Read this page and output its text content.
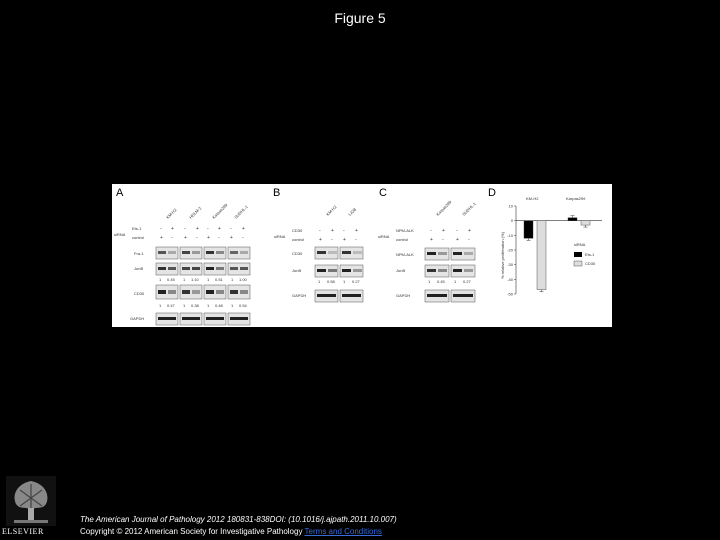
Figure 5
A
KM-H2	HDLM-2 Karpas299 SUDHL-1
siRNA
Ets-1
control
Fra-1
JunB
CD30
GAPDH
- + - + - + - +
+ - + - + - + -
1 0.45 1 1.10 1 0.51 1 1.00
1 0.47 1 0.38 1 0.48 1 0.54
B
KM-H2 L428
siRNA
CD30
control
CD30
JunB
GAPDH
- + - +
+ - + -
1 0.58 1 0.27
C
Karpas299 SUDHL-1
siRNA
NPM-ALK
control
NPM-ALK
JunB
GAPDH
- + - +
+ - + -
1 0.45 1 0.27
D
% relative proliferation (%)
KM-H2	Karpas299
10
0
-10
-20
-30
-40
-50
siRNA
Ets-1
CD30
ELSEVIER
The American Journal of Pathology 2012 180831-838DOI: (10.1016/j.ajpath.2011.10.007)
Copyright © 2012 American Society for Investigative Pathology Terms and Conditions
